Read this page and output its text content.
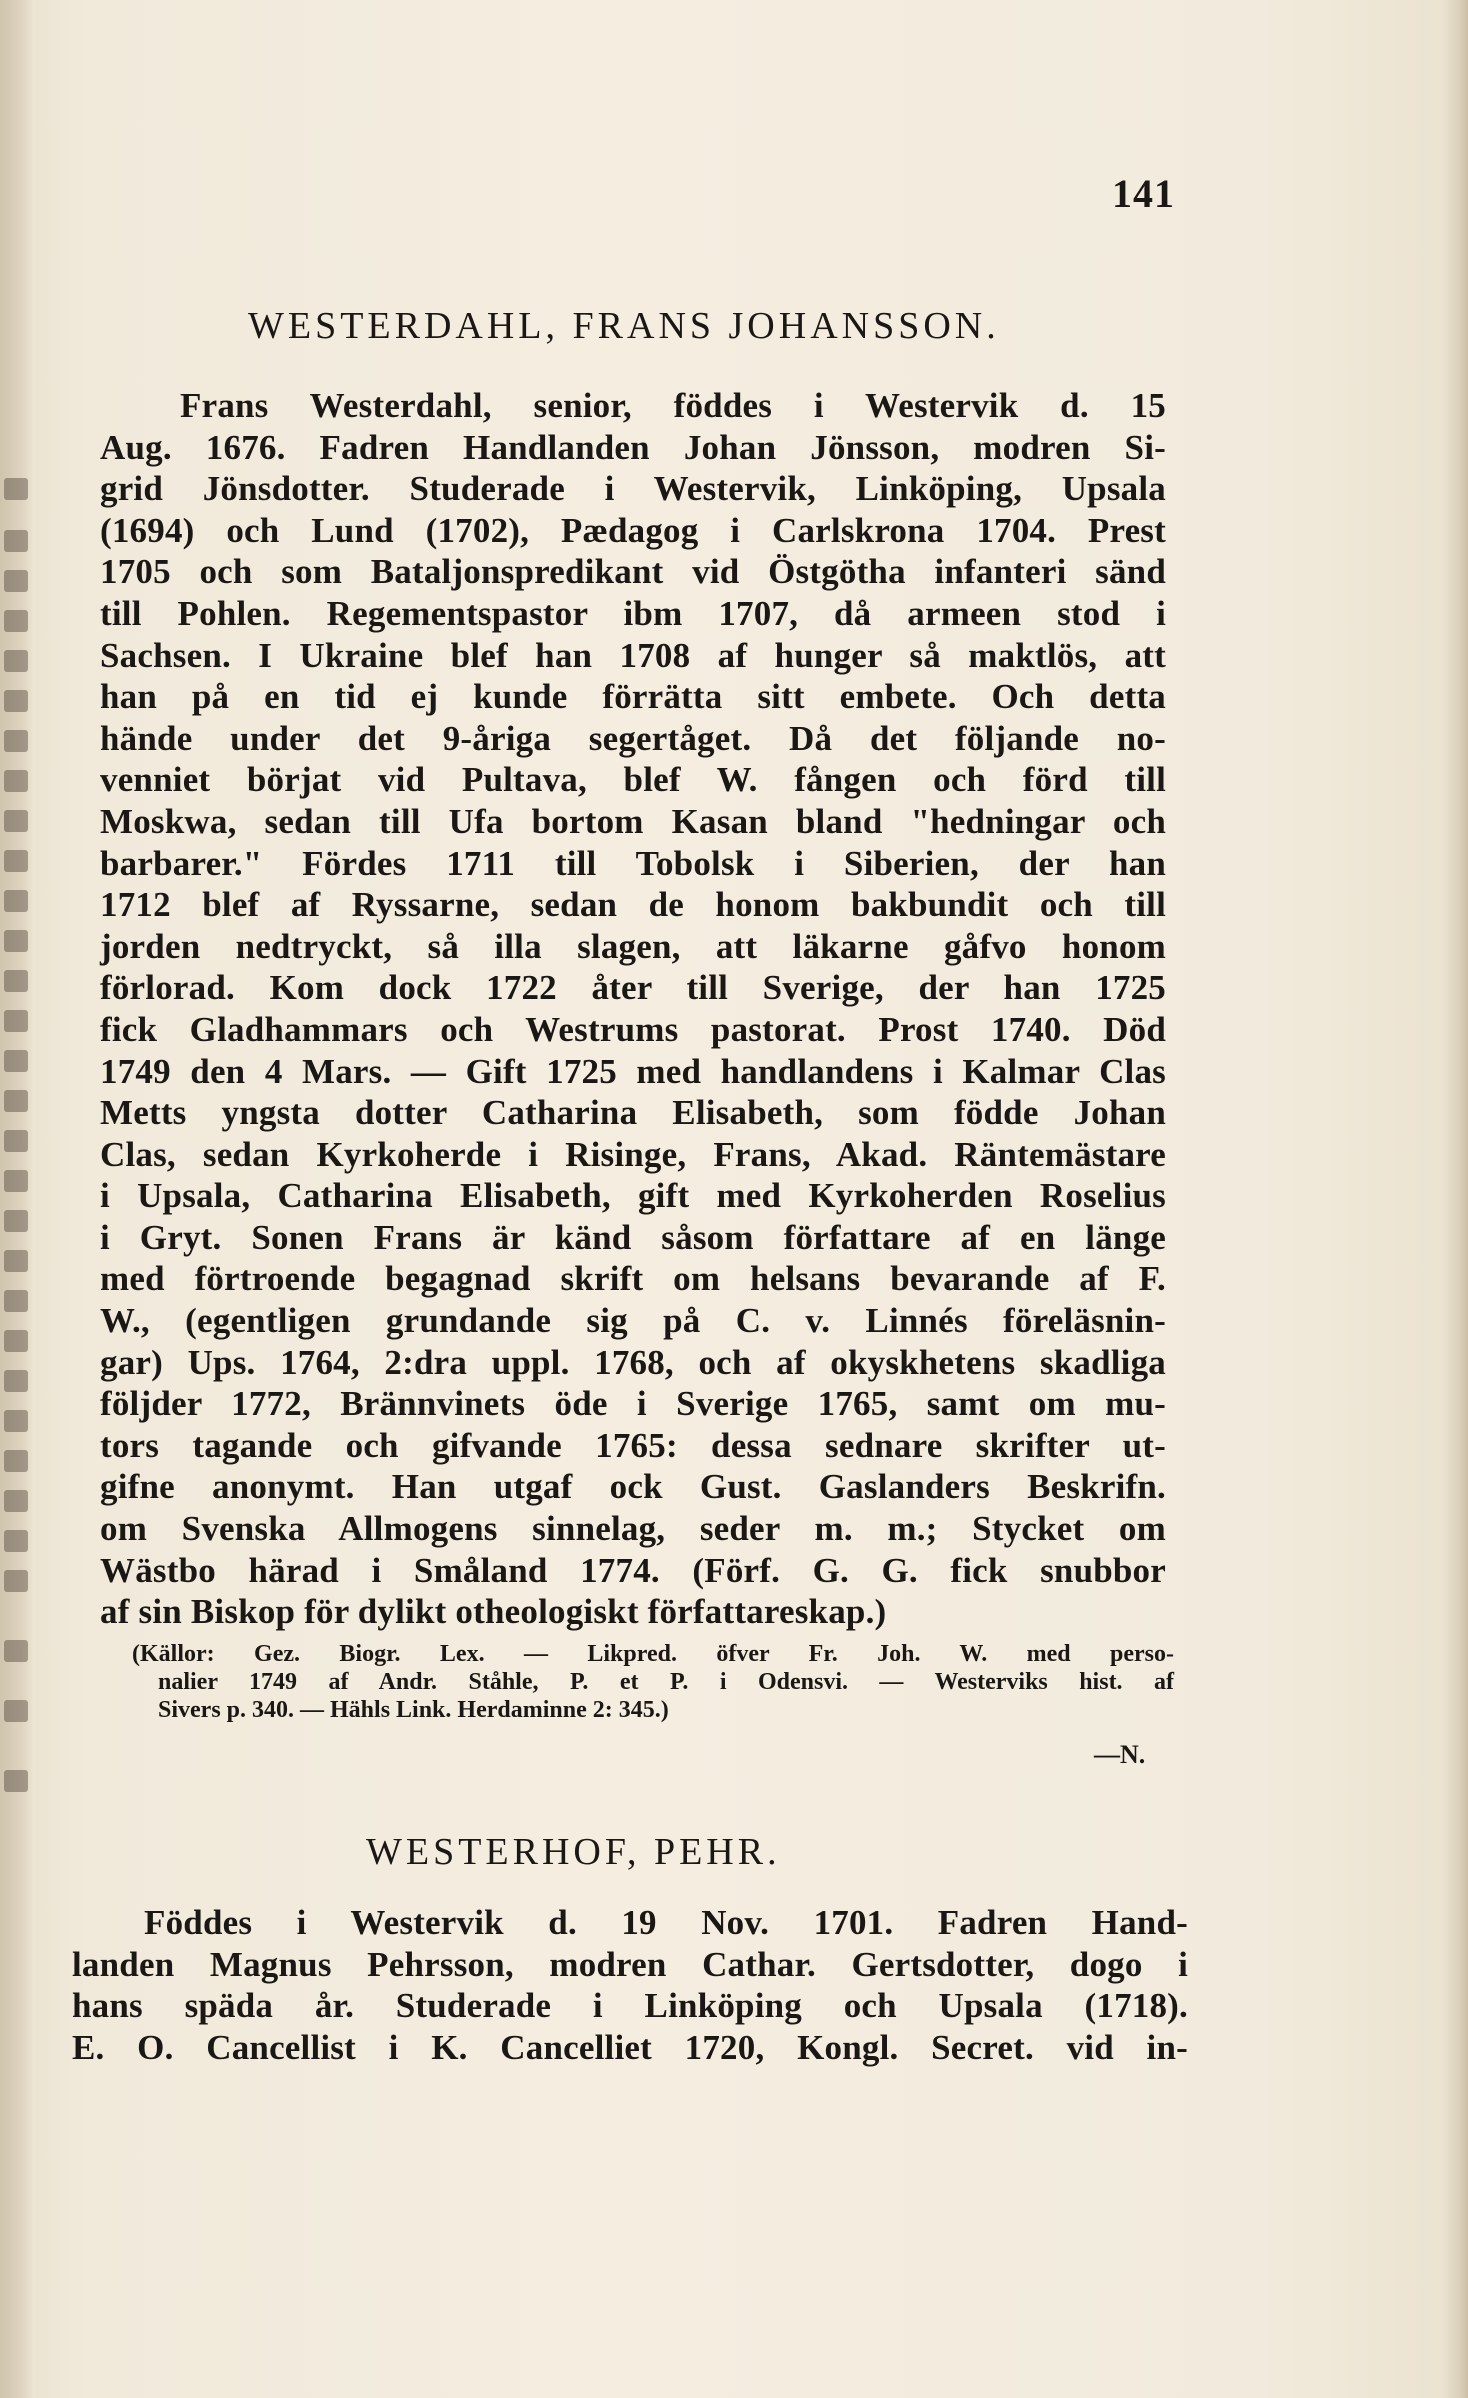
141
WESTERDAHL, FRANS JOHANSSON.
Frans Westerdahl, senior, föddes i Westervik d. 15
Aug. 1676. Fadren Handlanden Johan Jönsson, modren Si-
grid Jönsdotter. Studerade i Westervik, Linköping, Upsala
(1694) och Lund (1702), Pædagog i Carlskrona 1704. Prest
1705 och som Bataljonspredikant vid Östgötha infanteri sänd
till Pohlen. Regementspastor ibm 1707, då armeen stod i
Sachsen. I Ukraine blef han 1708 af hunger så maktlös, att
han på en tid ej kunde förrätta sitt embete. Och detta
hände under det 9-åriga segertåget. Då det följande no-
venniet börjat vid Pultava, blef W. fången och förd till
Moskwa, sedan till Ufa bortom Kasan bland "hedningar och
barbarer." Fördes 1711 till Tobolsk i Siberien, der han
1712 blef af Ryssarne, sedan de honom bakbundit och till
jorden nedtryckt, så illa slagen, att läkarne gåfvo honom
förlorad. Kom dock 1722 åter till Sverige, der han 1725
fick Gladhammars och Westrums pastorat. Prost 1740. Död
1749 den 4 Mars. — Gift 1725 med handlandens i Kalmar Clas
Metts yngsta dotter Catharina Elisabeth, som födde Johan
Clas, sedan Kyrkoherde i Risinge, Frans, Akad. Räntemästare
i Upsala, Catharina Elisabeth, gift med Kyrkoherden Roselius
i Gryt. Sonen Frans är känd såsom författare af en länge
med förtroende begagnad skrift om helsans bevarande af F.
W., (egentligen grundande sig på C. v. Linnés föreläsnin-
gar) Ups. 1764, 2:dra uppl. 1768, och af okyskhetens skadliga
följder 1772, Brännvinets öde i Sverige 1765, samt om mu-
tors tagande och gifvande 1765: dessa sednare skrifter ut-
gifne anonymt. Han utgaf ock Gust. Gaslanders Beskrifn.
om Svenska Allmogens sinnelag, seder m. m.; Stycket om
Wästbo härad i Småland 1774. (Förf. G. G. fick snubbor
af sin Biskop för dylikt otheologiskt författareskap.)
(Källor: Gez. Biogr. Lex. — Likpred. öfver Fr. Joh. W. med perso-
nalier 1749 af Andr. Ståhle, P. et P. i Odensvi. — Westerviks hist. af
Sivers p. 340. — Hähls Link. Herdaminne 2: 345.)
—N.
WESTERHOF, PEHR.
Föddes i Westervik d. 19 Nov. 1701. Fadren Hand-
landen Magnus Pehrsson, modren Cathar. Gertsdotter, dogo i
hans späda år. Studerade i Linköping och Upsala (1718).
E. O. Cancellist i K. Cancelliet 1720, Kongl. Secret. vid in-
